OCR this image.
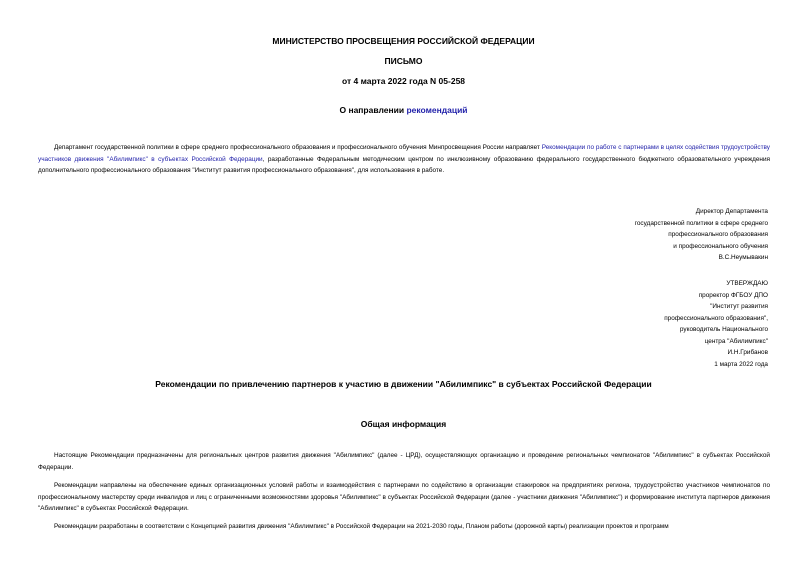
МИНИСТЕРСТВО ПРОСВЕЩЕНИЯ РОССИЙСКОЙ ФЕДЕРАЦИИ
ПИСЬМО
от 4 марта 2022 года N 05-258
О направлении рекомендаций
Департамент государственной политики в сфере среднего профессионального образования и профессионального обучения Минпросвещения России направляет Рекомендации по работе с партнерами в целях содействия трудоустройству участников движения "Абилимпикс" в субъектах Российской Федерации, разработанные Федеральным методическим центром по инклюзивному образованию федерального государственного бюджетного образовательного учреждения дополнительного профессионального образования "Институт развития профессионального образования", для использования в работе.
Директор Департамента
государственной политики в сфере среднего
профессионального образования
и профессионального обучения
В.С.Неумывакин
УТВЕРЖДАЮ
проректор ФГБОУ ДПО
"Институт развития
профессионального образования",
руководитель Национального
центра "Абилимпикс"
И.Н.Грибанов
1 марта 2022 года
Рекомендации по привлечению партнеров к участию в движении "Абилимпикс" в субъектах Российской Федерации
Общая информация
Настоящие Рекомендации предназначены для региональных центров развития движения "Абилимпикс" (далее - ЦРД), осуществляющих организацию и проведение региональных чемпионатов "Абилимпикс" в субъектах Российской Федерации.
Рекомендации направлены на обеспечение единых организационных условий работы и взаимодействия с партнерами по содействию в организации стажировок на предприятиях региона, трудоустройство участников чемпионатов по профессиональному мастерству среди инвалидов и лиц с ограниченными возможностями здоровья "Абилимпикс" в субъектах Российской Федерации (далее - участники движения "Абилимпикс") и формирование института партнеров движения "Абилимпикс" в субъектах Российской Федерации.
Рекомендации разработаны в соответствии с Концепцией развития движения "Абилимпикс" в Российской Федерации на 2021-2030 годы, Планом работы (дорожной карты) реализации проектов и программ
